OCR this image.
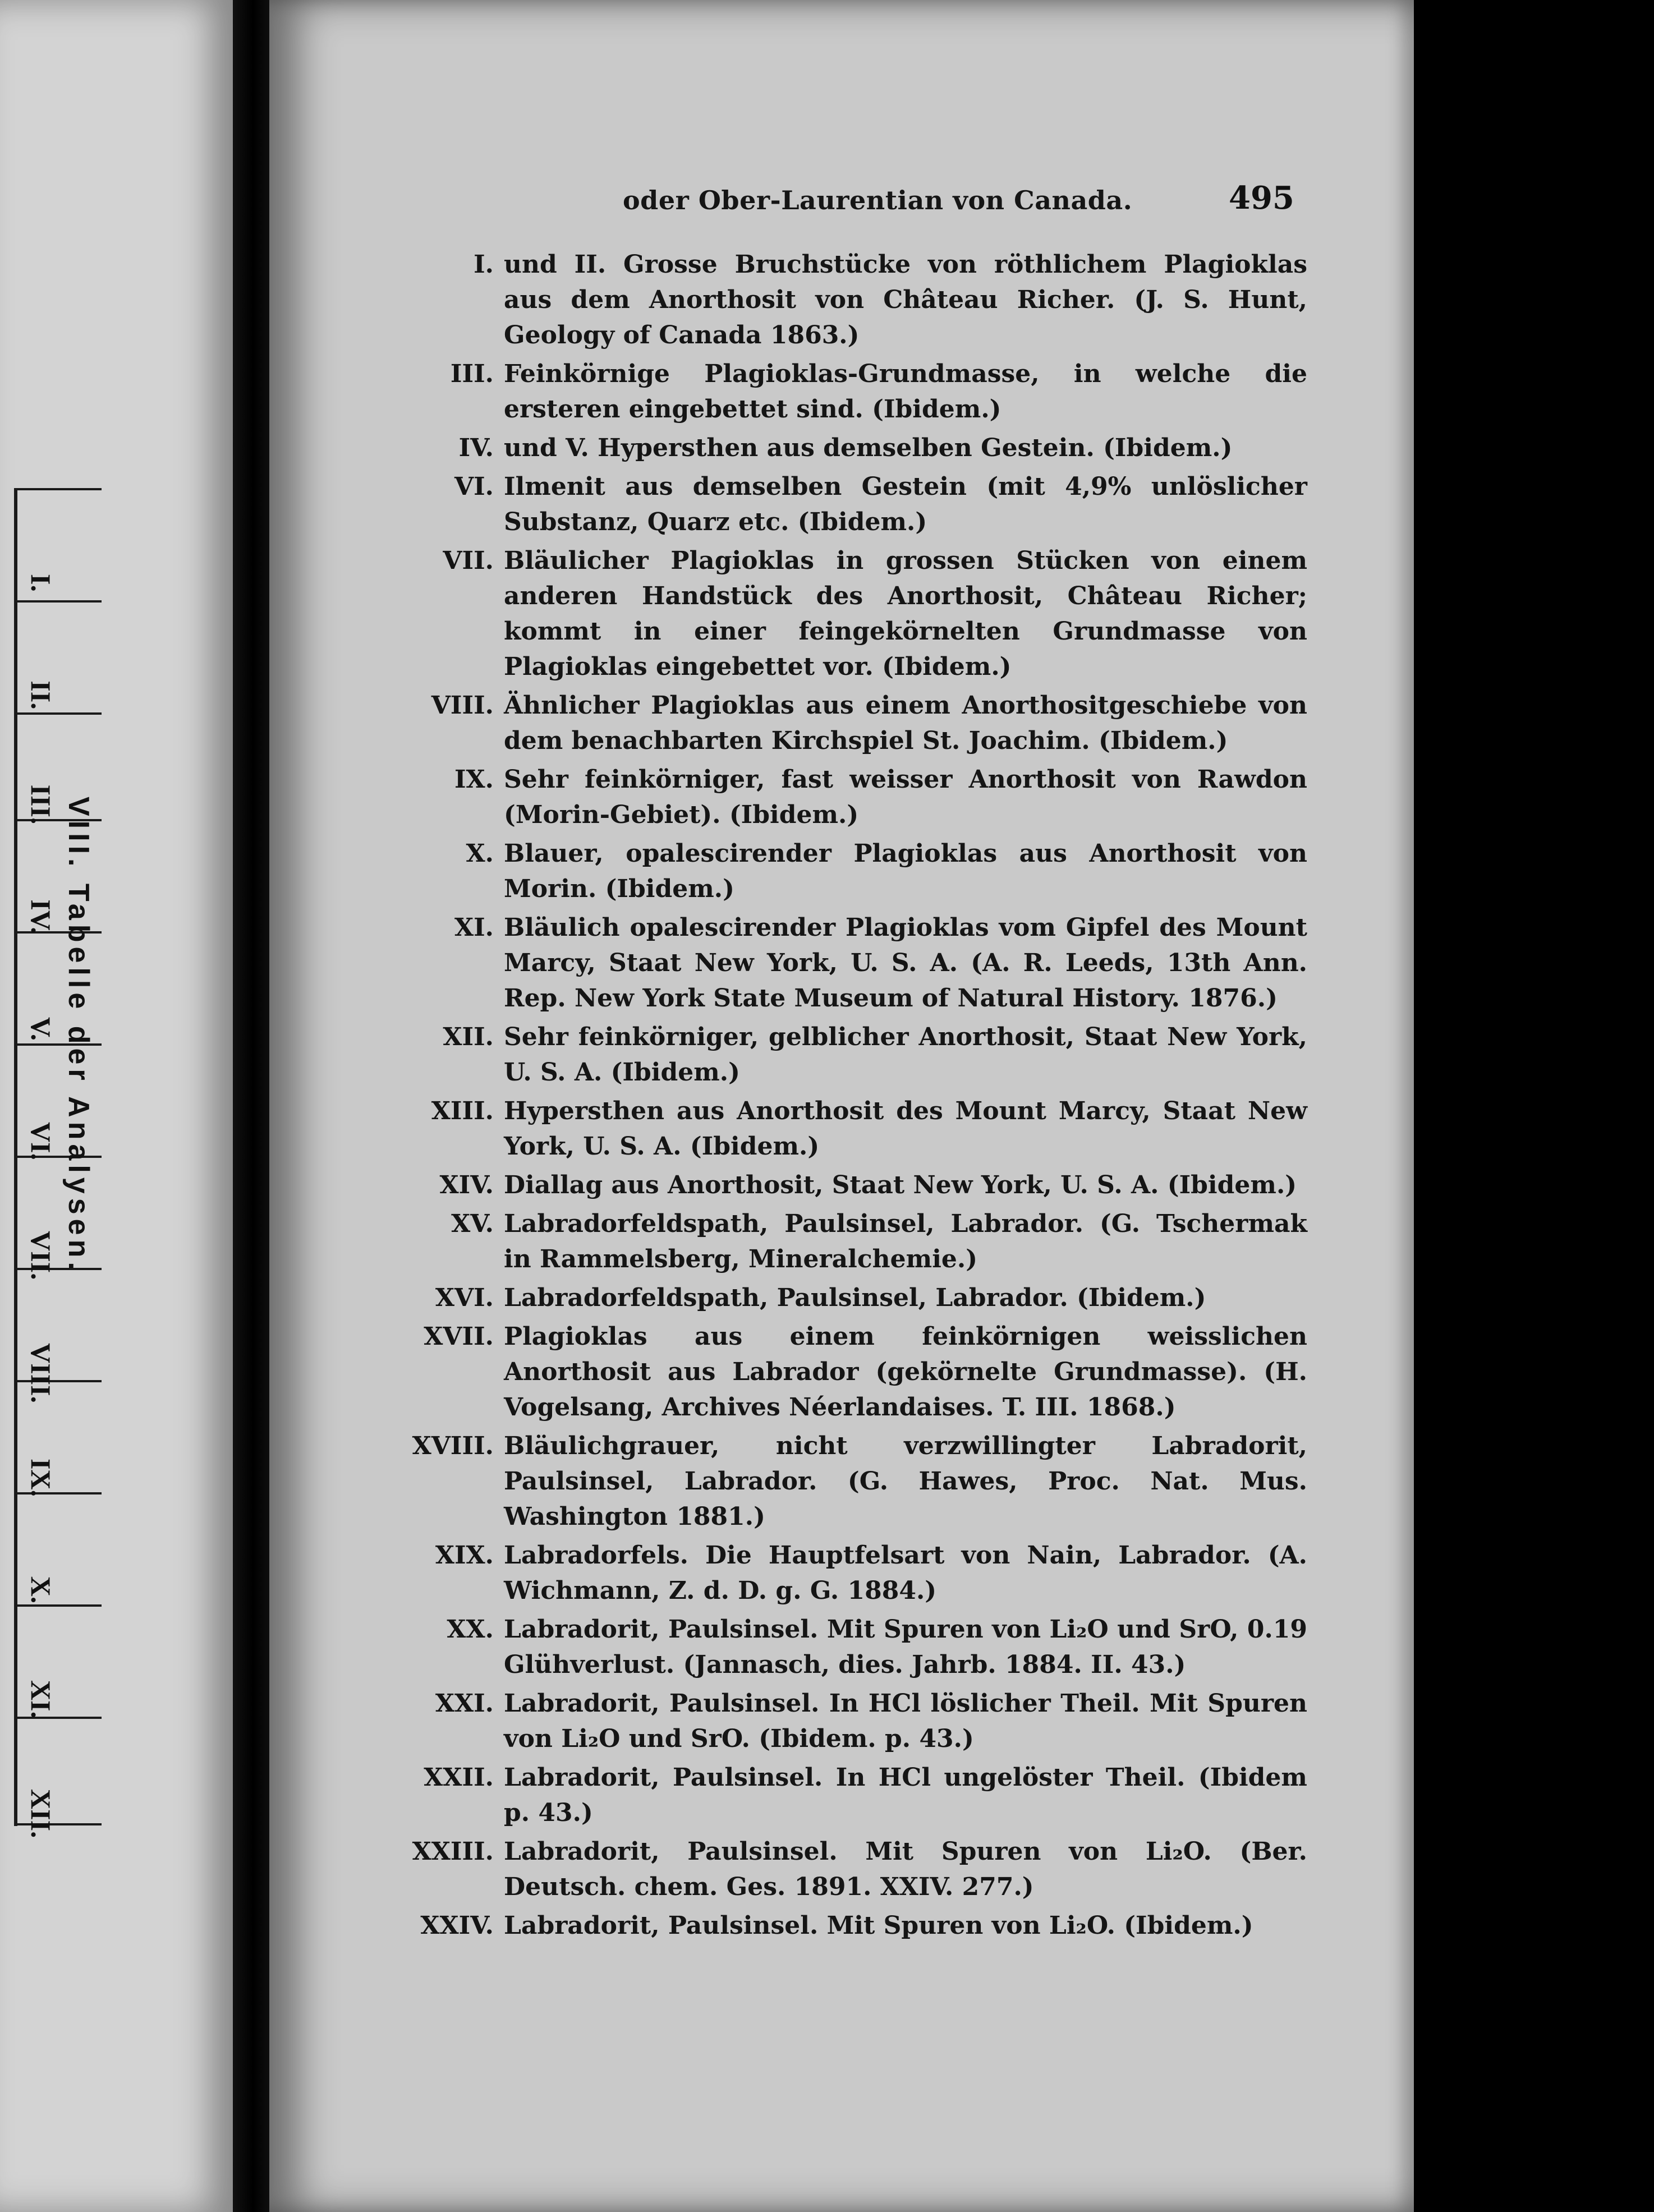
I.
II.
III.
IV.
V.
VI.
VII.
VIII.
IX.
X.
XI.
XII.
VIII. Tabelle der Analysen.
oder Ober-Laurentian von Canada.	495
I. und II. Grosse Bruchstücke von röthlichem Plagioklas aus dem Anorthosit von Château Richer. (J. S. Hunt, Geology of Canada 1863.)
III. Feinkörnige Plagioklas-Grundmasse, in welche die ersteren eingebettet sind. (Ibidem.)
IV. und V. Hypersthen aus demselben Gestein. (Ibidem.)
VI. Ilmenit aus demselben Gestein (mit 4,9% unlöslicher Substanz, Quarz etc. (Ibidem.)
VII. Bläulicher Plagioklas in grossen Stücken von einem anderen Handstück des Anorthosit, Château Richer; kommt in einer feingekörnelten Grundmasse von Plagioklas eingebettet vor. (Ibidem.)
VIII. Ähnlicher Plagioklas aus einem Anorthositgeschiebe von dem benachbarten Kirchspiel St. Joachim. (Ibidem.)
IX. Sehr feinkörniger, fast weisser Anorthosit von Rawdon (Morin-Gebiet). (Ibidem.)
X. Blauer, opalescirender Plagioklas aus Anorthosit von Morin. (Ibidem.)
XI. Bläulich opalescirender Plagioklas vom Gipfel des Mount Marcy, Staat New York, U. S. A. (A. R. Leeds, 13th Ann. Rep. New York State Museum of Natural History. 1876.)
XII. Sehr feinkörniger, gelblicher Anorthosit, Staat New York, U. S. A. (Ibidem.)
XIII. Hypersthen aus Anorthosit des Mount Marcy, Staat New York, U. S. A. (Ibidem.)
XIV. Diallag aus Anorthosit, Staat New York, U. S. A. (Ibidem.)
XV. Labradorfeldspath, Paulsinsel, Labrador. (G. Tschermak in Rammelsberg, Mineralchemie.)
XVI. Labradorfeldspath, Paulsinsel, Labrador. (Ibidem.)
XVII. Plagioklas aus einem feinkörnigen weisslichen Anorthosit aus Labrador (gekörnelte Grundmasse). (H. Vogelsang, Archives Néerlandaises. T. III. 1868.)
XVIII. Bläulichgrauer, nicht verzwillingter Labradorit, Paulsinsel, Labrador. (G. Hawes, Proc. Nat. Mus. Washington 1881.)
XIX. Labradorfels. Die Hauptfelsart von Nain, Labrador. (A. Wichmann, Z. d. D. g. G. 1884.)
XX. Labradorit, Paulsinsel. Mit Spuren von Li₂O und SrO, 0.19 Glühverlust. (Jannasch, dies. Jahrb. 1884. II. 43.)
XXI. Labradorit, Paulsinsel. In HCl löslicher Theil. Mit Spuren von Li₂O und SrO. (Ibidem. p. 43.)
XXII. Labradorit, Paulsinsel. In HCl ungelöster Theil. (Ibidem p. 43.)
XXIII. Labradorit, Paulsinsel. Mit Spuren von Li₂O. (Ber. Deutsch. chem. Ges. 1891. XXIV. 277.)
XXIV. Labradorit, Paulsinsel. Mit Spuren von Li₂O. (Ibidem.)
